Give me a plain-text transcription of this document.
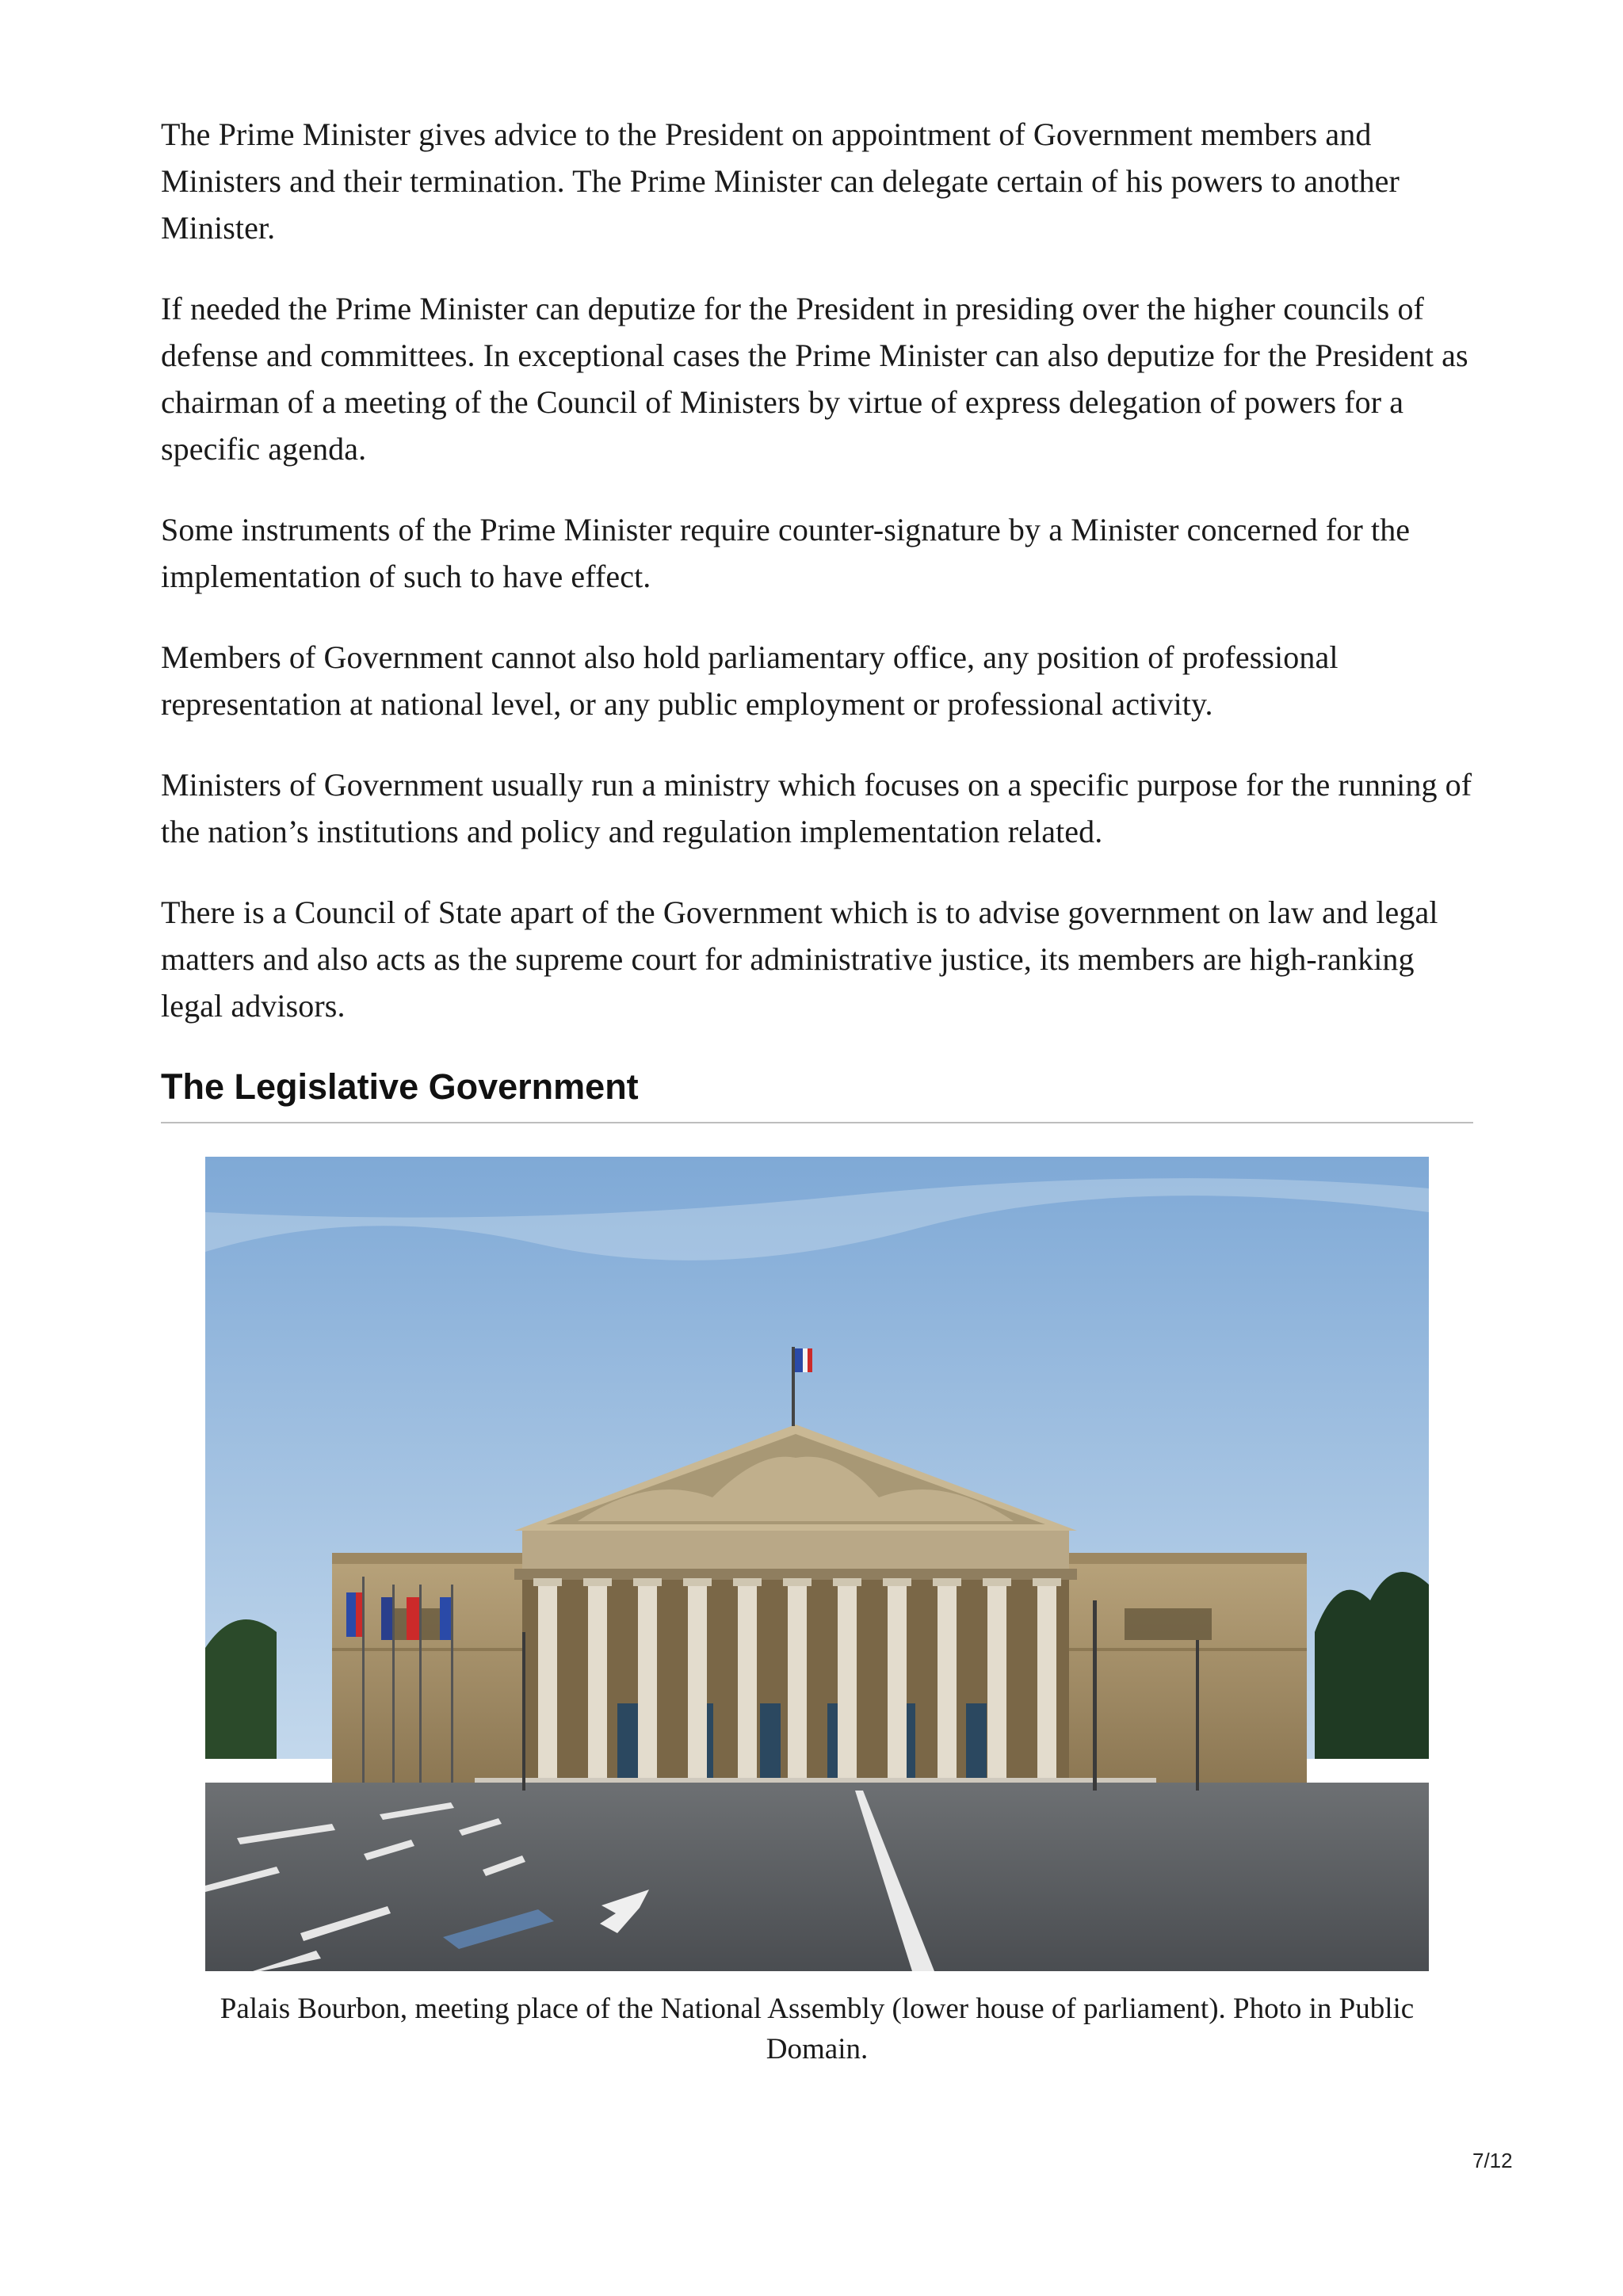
The Prime Minister gives advice to the President on appointment of Government members and Ministers and their termination. The Prime Minister can delegate certain of his powers to another Minister.

If needed the Prime Minister can deputize for the President in presiding over the higher councils of defense and committees. In exceptional cases the Prime Minister can also deputize for the President as chairman of a meeting of the Council of Ministers by virtue of express delegation of powers for a specific agenda.

Some instruments of the Prime Minister require counter-signature by a Minister concerned for the implementation of such to have effect.

Members of Government cannot also hold parliamentary office, any position of professional representation at national level, or any public employment or professional activity.

Ministers of Government usually run a ministry which focuses on a specific purpose for the running of the nation’s institutions and policy and regulation implementation related.

There is a Council of State apart of the Government which is to advise government on law and legal matters and also acts as the supreme court for administrative justice, its members are high-ranking legal advisors.

The Legislative Government
Palais Bourbon, meeting place of the National Assembly (lower house of parliament). Photo in Public Domain.
7/12
